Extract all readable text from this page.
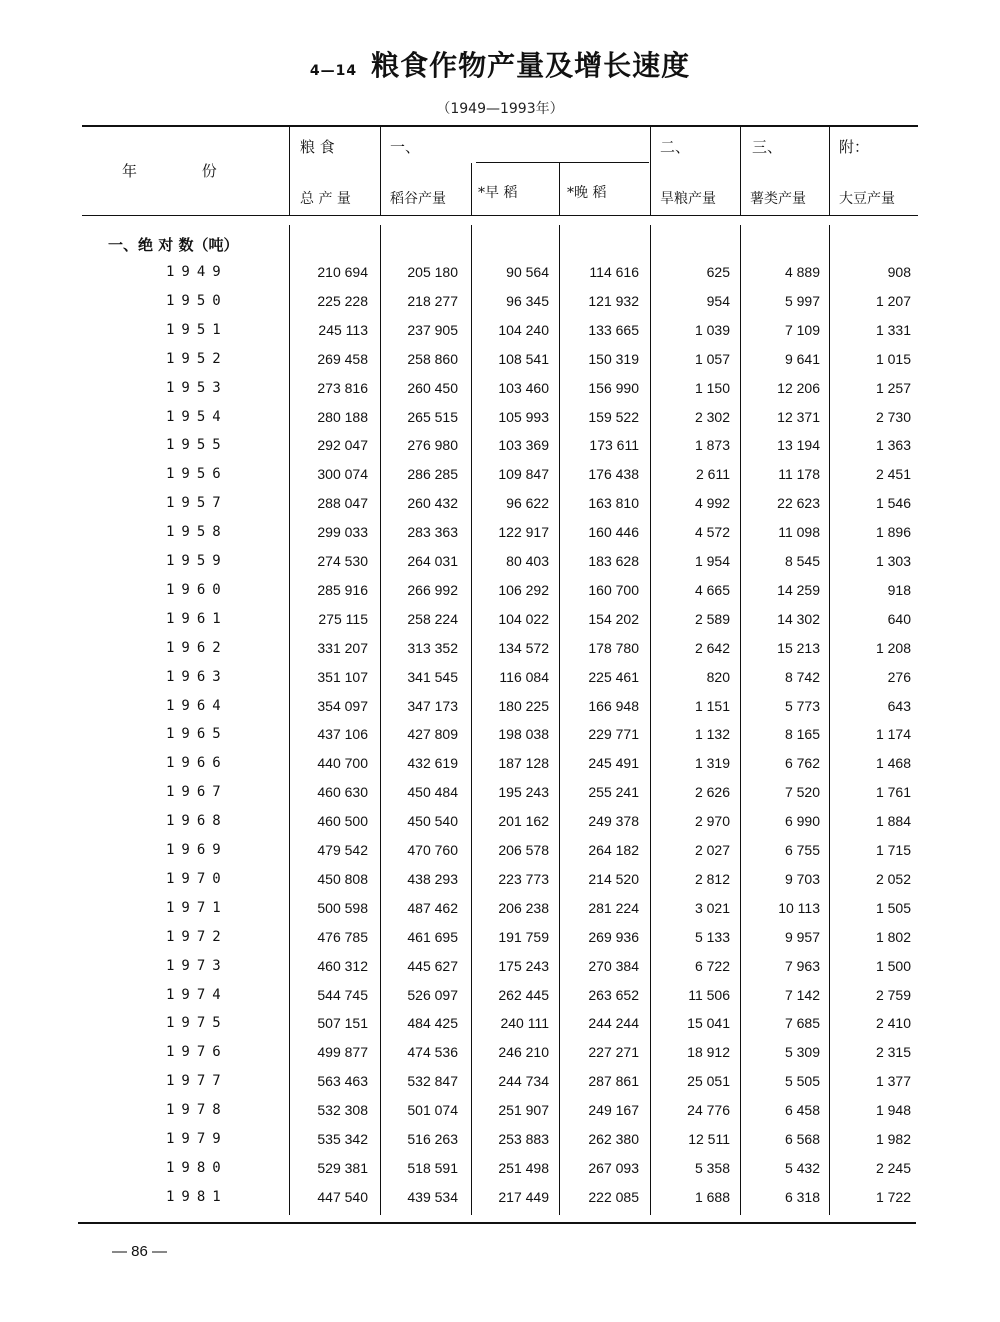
4—14 粮食作物产量及增长速度
（1949—1993年）
年 份
粮 食
总 产 量
一、
稻谷产量 *早 稻	*晚 稻
二、
旱粮产量
三、
薯类产量
附：
大豆产量
一、绝 对 数（吨）
1949	210 694	205 180	90 564	114 616	625	4 889	908
1950	225 228	218 277	96 345	121 932	954	5 997	1 207
1951	245 113	237 905	104 240	133 665	1 039	7 109	1 331
1952	269 458	258 860	108 541	150 319	1 057	9 641	1 015
1953	273 816	260 450	103 460	156 990	1 150	12 206	1 257
1954	280 188	265 515	105 993	159 522	2 302	12 371	2 730
1955	292 047	276 980	103 369	173 611	1 873	13 194	1 363
1956	300 074	286 285	109 847	176 438	2 611	11 178	2 451
1957	288 047	260 432	96 622	163 810	4 992	22 623	1 546
1958	299 033	283 363	122 917	160 446	4 572	11 098	1 896
1959	274 530	264 031	80 403	183 628	1 954	8 545	1 303
1960	285 916	266 992	106 292	160 700	4 665	14 259	918
1961	275 115	258 224	104 022	154 202	2 589	14 302	640
1962	331 207	313 352	134 572	178 780	2 642	15 213	1 208
1963	351 107	341 545	116 084	225 461	820	8 742	276
1964	354 097	347 173	180 225	166 948	1 151	5 773	643
1965	437 106	427 809	198 038	229 771	1 132	8 165	1 174
1966	440 700	432 619	187 128	245 491	1 319	6 762	1 468
1967	460 630	450 484	195 243	255 241	2 626	7 520	1 761
1968	460 500	450 540	201 162	249 378	2 970	6 990	1 884
1969	479 542	470 760	206 578	264 182	2 027	6 755	1 715
1970	450 808	438 293	223 773	214 520	2 812	9 703	2 052
1971	500 598	487 462	206 238	281 224	3 021	10 113	1 505
1972	476 785	461 695	191 759	269 936	5 133	9 957	1 802
1973	460 312	445 627	175 243	270 384	6 722	7 963	1 500
1974	544 745	526 097	262 445	263 652	11 506	7 142	2 759
1975	507 151	484 425	240 111	244 244	15 041	7 685	2 410
1976	499 877	474 536	246 210	227 271	18 912	5 309	2 315
1977	563 463	532 847	244 734	287 861	25 051	5 505	1 377
1978	532 308	501 074	251 907	249 167	24 776	6 458	1 948
1979	535 342	516 263	253 883	262 380	12 511	6 568	1 982
1980	529 381	518 591	251 498	267 093	5 358	5 432	2 245
1981	447 540	439 534	217 449	222 085	1 688	6 318	1 722
— 86 —
